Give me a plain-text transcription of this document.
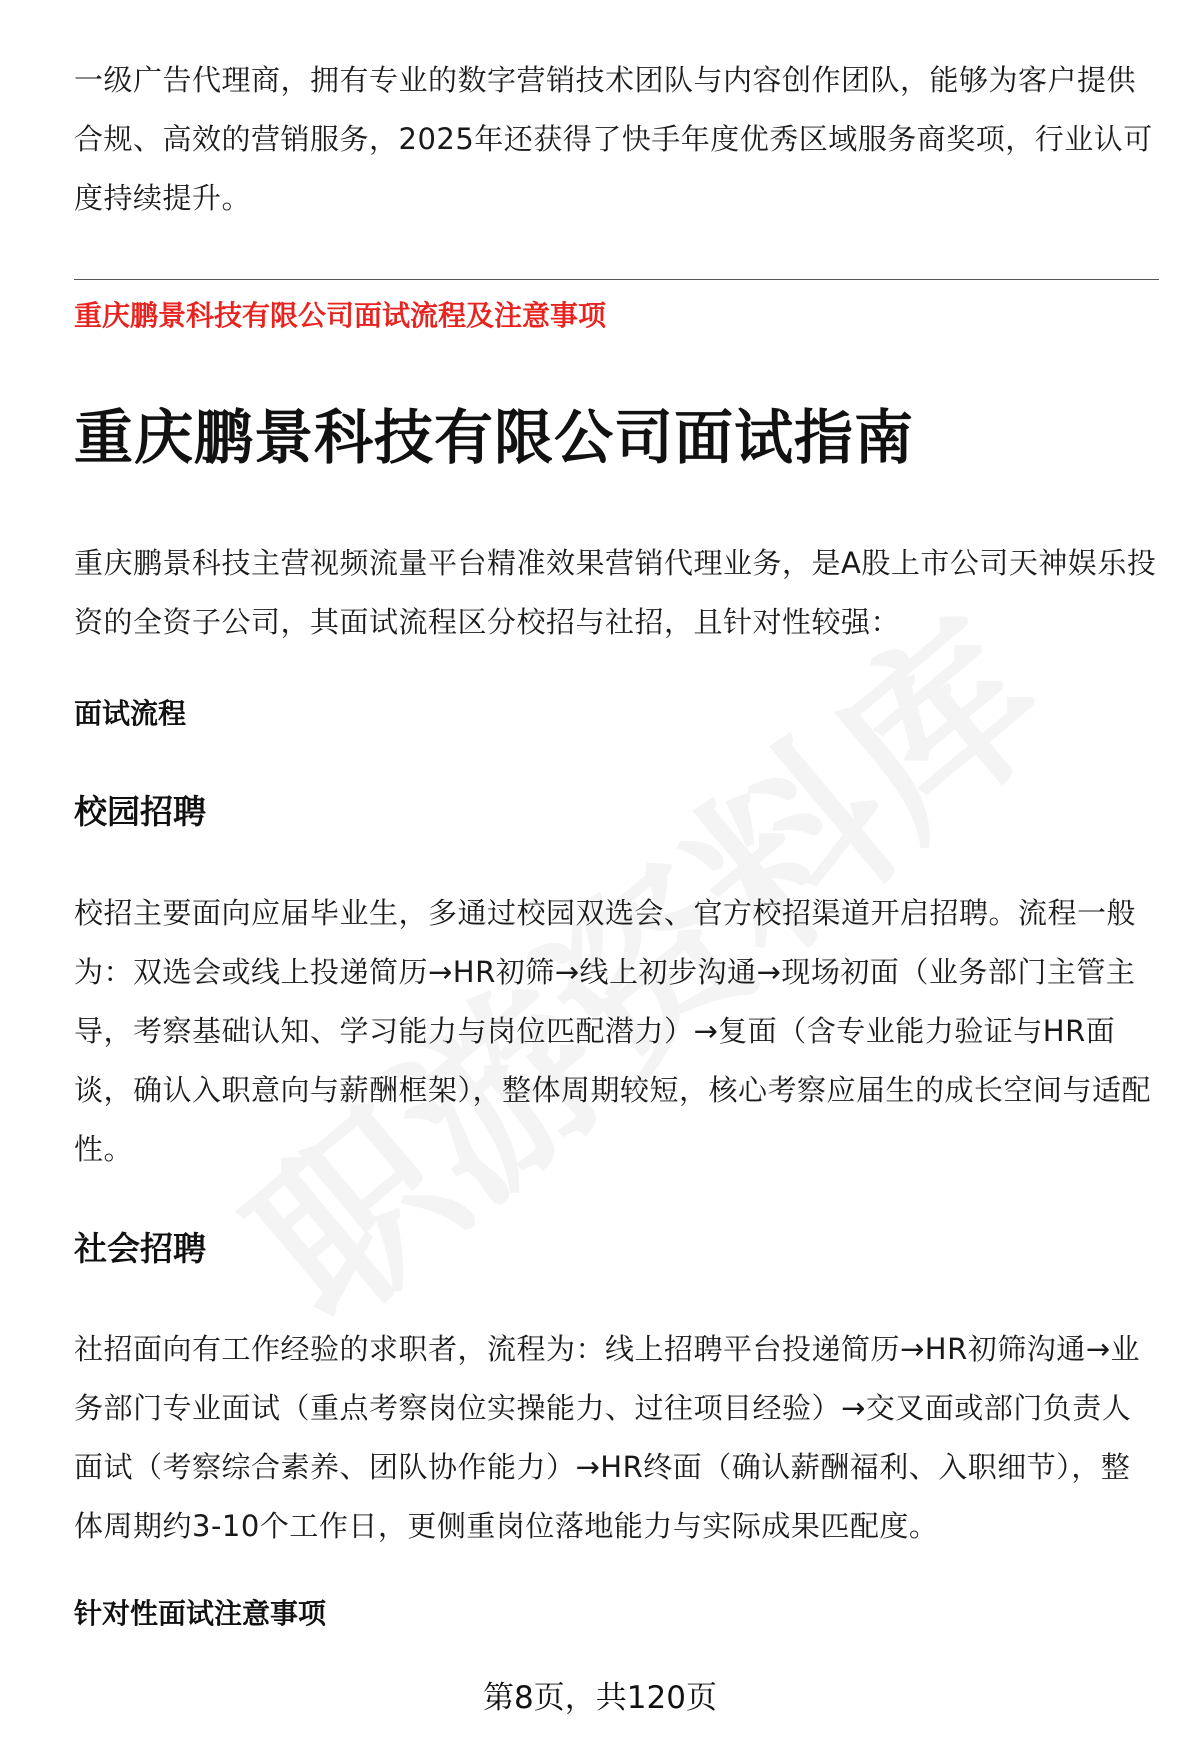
一级广告代理商，拥有专业的数字营销技术团队与内容创作团队，能够为客户提供合规、高效的营销服务，2025年还获得了快手年度优秀区域服务商奖项，行业认可度持续提升。

重庆鹏景科技有限公司面试流程及注意事项
重庆鹏景科技有限公司面试指南

重庆鹏景科技主营视频流量平台精准效果营销代理业务，是A股上市公司天神娱乐投资的全资子公司，其面试流程区分校招与社招，且针对性较强：

面试流程
校园招聘

校招主要面向应届毕业生，多通过校园双选会、官方校招渠道开启招聘。流程一般为：双选会或线上投递简历→HR初筛→线上初步沟通→现场初面（业务部门主管主导，考察基础认知、学习能力与岗位匹配潜力）→复面（含专业能力验证与HR面谈，确认入职意向与薪酬框架），整体周期较短，核心考察应届生的成长空间与适配性。

社会招聘

社招面向有工作经验的求职者，流程为：线上招聘平台投递简历→HR初筛沟通→业务部门专业面试（重点考察岗位实操能力、过往项目经验）→交叉面或部门负责人面试（考察综合素养、团队协作能力）→HR终面（确认薪酬福利、入职细节），整体周期约3-10个工作日，更侧重岗位落地能力与实际成果匹配度。

针对性面试注意事项
第8页，共120页
